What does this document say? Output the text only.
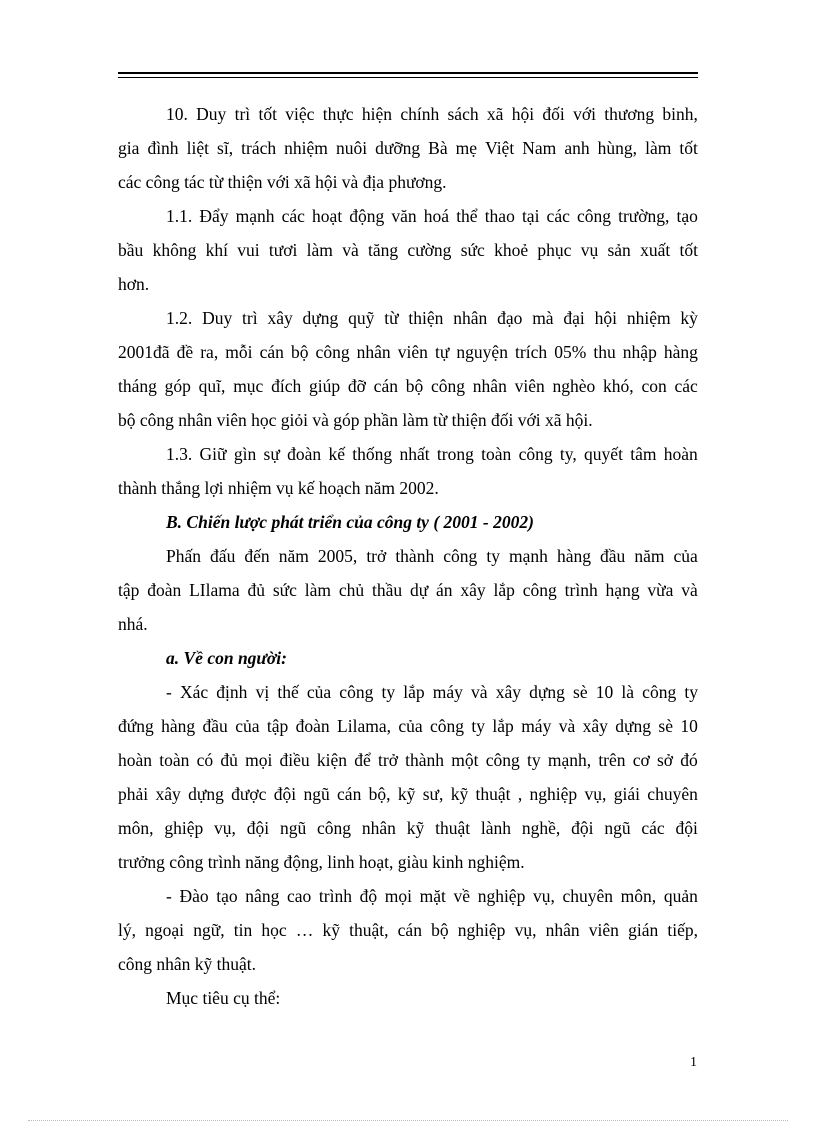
10. Duy trì tốt việc thực hiện chính sách xã hội đối với thương binh,
gia đình liệt sĩ, trách nhiệm nuôi dưỡng Bà mẹ Việt Nam anh hùng, làm tốt
các công tác từ thiện với xã hội và địa phương.
1.1. Đẩy mạnh các hoạt động văn hoá thể thao tại các công trường, tạo
bầu không khí vui tươi làm và tăng cường sức khoẻ phục vụ sản xuất tốt
hơn.
1.2. Duy trì xây dựng quỹ từ thiện nhân đạo mà đại hội nhiệm kỳ
2001đã đề ra, mỗi cán bộ công nhân viên tự nguyện trích 05% thu nhập hàng
tháng góp quĩ, mục đích giúp đỡ cán bộ công nhân viên nghèo khó, con các
bộ công nhân viên học giỏi và góp phần làm từ thiện đối với xã hội.
1.3. Giữ gìn sự đoàn kế thống nhất trong toàn công ty, quyết tâm hoàn
thành thắng lợi nhiệm vụ kế hoạch năm 2002.
B. Chiến lược phát triển của công ty ( 2001 - 2002)
Phấn đấu đến năm 2005, trở thành công ty mạnh hàng đầu năm của
tập đoàn LIlama đủ sức làm chủ thầu dự án xây lắp công trình hạng vừa và
nhá.
a. Về con người:
- Xác định vị thế của công ty lắp máy và xây dựng sè 10 là công ty
đứng hàng đầu của tập đoàn Lilama, của công ty lắp máy và xây dựng sè 10
hoàn toàn có đủ mọi điều kiện để trở thành một công ty mạnh, trên cơ sở đó
phải xây dựng được đội ngũ cán bộ, kỹ sư, kỹ thuật , nghiệp vụ, giái chuyên
môn, ghiệp vụ, đội ngũ công nhân kỹ thuật lành nghề, đội ngũ các đội
trưởng công trình năng động, linh hoạt, giàu kinh nghiệm.
- Đào tạo nâng cao trình độ mọi mặt về nghiệp vụ, chuyên môn, quản
lý, ngoại ngữ, tin học … kỹ thuật, cán bộ nghiệp vụ, nhân viên gián tiếp,
công nhân kỹ thuật.
Mục tiêu cụ thể:
1
